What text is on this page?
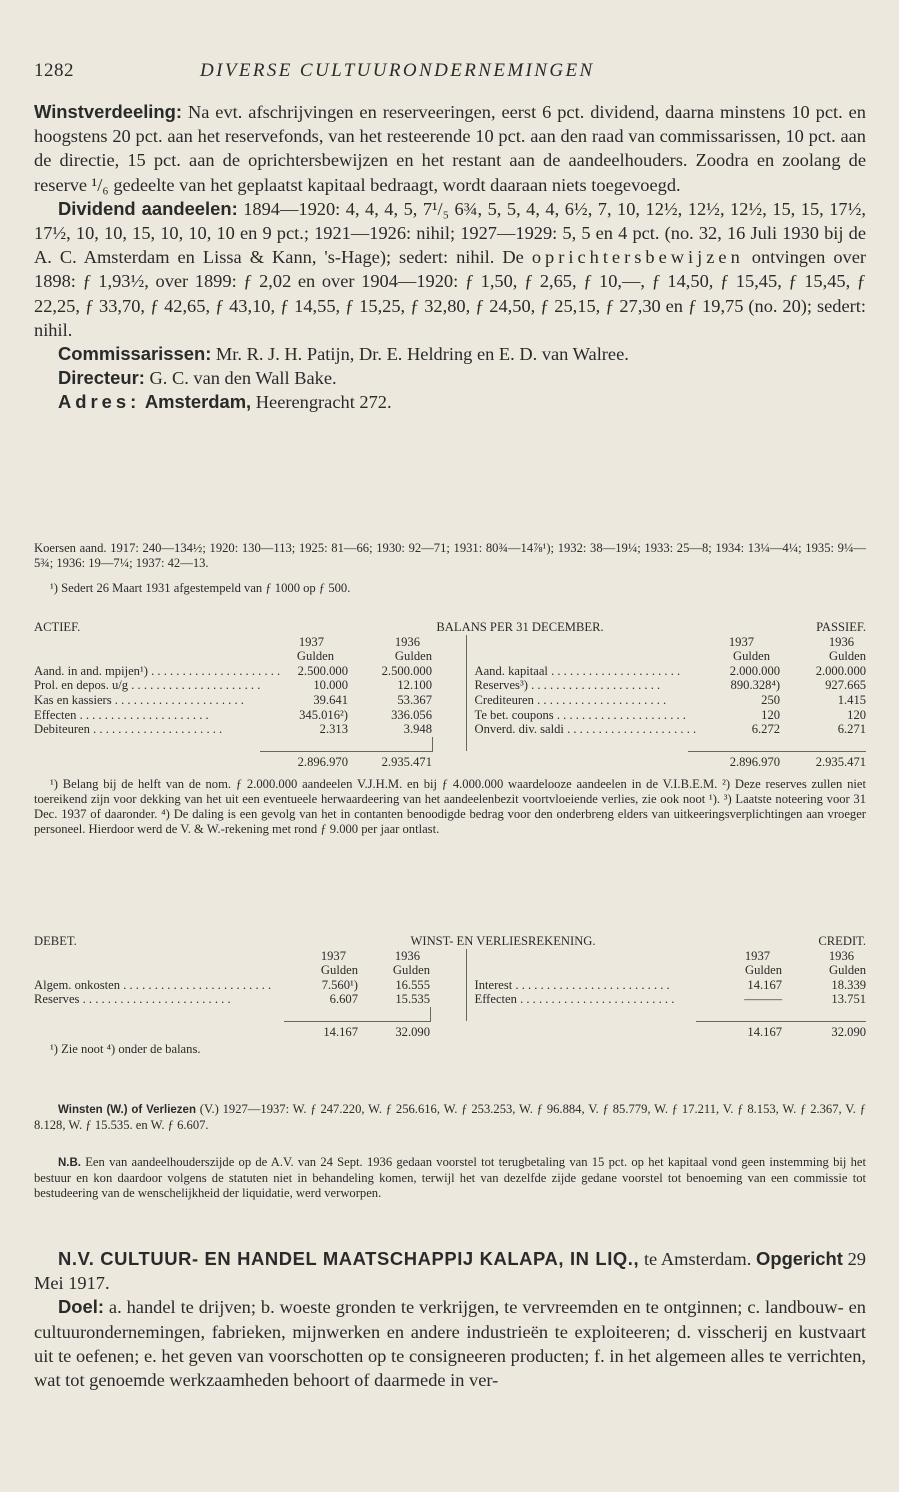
1282	DIVERSE CULTUURONDERNEMINGEN

Winstverdeeling: Na evt. afschrijvingen en reserveeringen, eerst 6 pct. dividend, daarna minstens 10 pct. en hoogstens 20 pct. aan het reservefonds, van het resteerende 10 pct. aan den raad van commissarissen, 10 pct. aan de directie, 15 pct. aan de oprichtersbewijzen en het restant aan de aandeelhouders. Zoodra en zoolang de reserve ¹/₆ gedeelte van het geplaatst kapitaal bedraagt, wordt daaraan niets toegevoegd.

Dividend aandeelen: 1894—1920: 4, 4, 4, 5, 7¹/₅ 6¾, 5, 5, 4, 4, 6½, 7, 10, 12½, 12½, 12½, 15, 15, 17½, 17½, 10, 10, 15, 10, 10, 10 en 9 pct.; 1921—1926: nihil; 1927—1929: 5, 5 en 4 pct. (no. 32, 16 Juli 1930 bij de A. C. Amsterdam en Lissa & Kann, 's-Hage); sedert: nihil. De oprichtersbewijzen ontvingen over 1898: ƒ 1,93½, over 1899: ƒ 2,02 en over 1904—1920: ƒ 1,50, ƒ 2,65, ƒ 10,—, ƒ 14,50, ƒ 15,45, ƒ 15,45, ƒ 22,25, ƒ 33,70, ƒ 42,65, ƒ 43,10, ƒ 14,55, ƒ 15,25, ƒ 32,80, ƒ 24,50, ƒ 25,15, ƒ 27,30 en ƒ 19,75 (no. 20); sedert: nihil.

Commissarissen: Mr. R. J. H. Patijn, Dr. E. Heldring en E. D. van Walree.

Directeur: G. C. van den Wall Bake.

Adres: Amsterdam, Heerengracht 272.

Koersen aand. 1917: 240—134½; 1920: 130—113; 1925: 81—66; 1930: 92—71; 1931: 80¾—14⅞¹); 1932: 38—19¼; 1933: 25—8; 1934: 13¼—4¼; 1935: 9¼—5¾; 1936: 19—7¼; 1937: 42—13.

¹) Sedert 26 Maart 1931 afgestempeld van ƒ 1000 op ƒ 500.

ACTIEF.	BALANS PER 31 DECEMBER.					PASSIEF.
	1937	1936			1937	1936
	Gulden	Gulden			Gulden	Gulden
Aand. in and. mpijen¹) . . . . . . . . . . . . . . . . . . . . .	2.500.000	2.500.000		Aand. kapitaal . . . . . . . . . . . . . . . . . . . . .	2.000.000	2.000.000
Prol. en depos. u/g . . . . . . . . . . . . . . . . . . . . .	10.000	12.100		Reserves³) . . . . . . . . . . . . . . . . . . . . .	890.328⁴)	927.665
Kas en kassiers . . . . . . . . . . . . . . . . . . . . .	39.641	53.367		Crediteuren . . . . . . . . . . . . . . . . . . . . .	250	1.415
Effecten . . . . . . . . . . . . . . . . . . . . .	345.016²)	336.056		Te bet. coupons . . . . . . . . . . . . . . . . . . . . .	120	120
Debiteuren . . . . . . . . . . . . . . . . . . . . .	2.313	3.948		Onverd. div. saldi . . . . . . . . . . . . . . . . . . . . .	6.272	6.271

	2.896.970	2.935.471			2.896.970	2.935.471

¹) Belang bij de helft van de nom. ƒ 2.000.000 aandeelen V.J.H.M. en bij ƒ 4.000.000 waardelooze aandeelen in de V.I.B.E.M. ²) Deze reserves zullen niet toereikend zijn voor dekking van het uit een eventueele herwaardeering van het aandeelenbezit voortvloeiende verlies, zie ook noot ¹). ³) Laatste noteering voor 31 Dec. 1937 of daaronder. ⁴) De daling is een gevolg van het in contanten benoodigde bedrag voor den onderbreng elders van uitkeeringsverplichtingen aan vroeger personeel. Hierdoor werd de V. & W.-rekening met rond ƒ 9.000 per jaar ontlast.

DEBET.	WINST- EN VERLIESREKENING.					CREDIT.
	1937	1936			1937	1936
	Gulden	Gulden			Gulden	Gulden
Algem. onkosten . . . . . . . . . . . . . . . . . . . . . . . .	7.560¹)	16.555		Interest . . . . . . . . . . . . . . . . . . . . . . . . .	14.167	18.339
Reserves . . . . . . . . . . . . . . . . . . . . . . . .	6.607	15.535		Effecten . . . . . . . . . . . . . . . . . . . . . . . . .	———	13.751

	14.167	32.090			14.167	32.090

¹) Zie noot ⁴) onder de balans.

Winsten (W.) of Verliezen (V.) 1927—1937: W. ƒ 247.220, W. ƒ 256.616, W. ƒ 253.253, W. ƒ 96.884, V. ƒ 85.779, W. ƒ 17.211, V. ƒ 8.153, W. ƒ 2.367, V. ƒ 8.128, W. ƒ 15.535. en W. ƒ 6.607.

N.B. Een van aandeelhouderszijde op de A.V. van 24 Sept. 1936 gedaan voorstel tot terugbetaling van 15 pct. op het kapitaal vond geen instemming bij het bestuur en kon daardoor volgens de statuten niet in behandeling komen, terwijl het van dezelfde zijde gedane voorstel tot benoeming van een commissie tot bestudeering van de wenschelijkheid der liquidatie, werd verworpen.

N.V. CULTUUR- EN HANDEL MAATSCHAPPIJ KALAPA, IN LIQ., te Amsterdam. Opgericht 29 Mei 1917.

Doel: a. handel te drijven; b. woeste gronden te verkrijgen, te vervreemden en te ontginnen; c. landbouw- en cultuurondernemingen, fabrieken, mijnwerken en andere industrieën te exploiteeren; d. visscherij en kustvaart uit te oefenen; e. het geven van voorschotten op te consigneeren producten; f. in het algemeen alles te verrichten, wat tot genoemde werkzaamheden behoort of daarmede in ver-
